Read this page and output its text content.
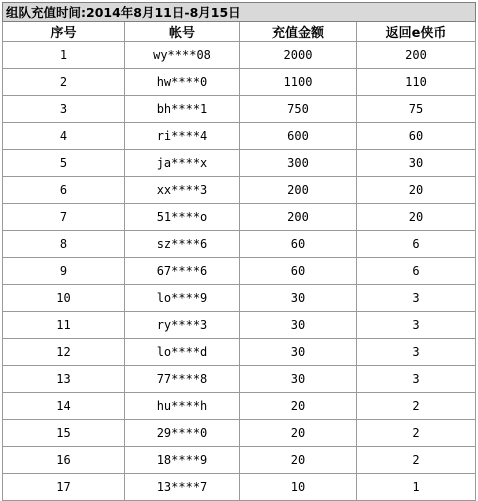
组队充值时间:2014年8月11日-8月15日			
序号	帐号	充值金额	返回e侠币
1	wy****08	2000	200
2	hw****0	1100	110
3	bh****1	750	75
4	ri****4	600	60
5	ja****x	300	30
6	xx****3	200	20
7	51****o	200	20
8	sz****6	60	6
9	67****6	60	6
10	lo****9	30	3
11	ry****3	30	3
12	lo****d	30	3
13	77****8	30	3
14	hu****h	20	2
15	29****0	20	2
16	18****9	20	2
17	13****7	10	1
